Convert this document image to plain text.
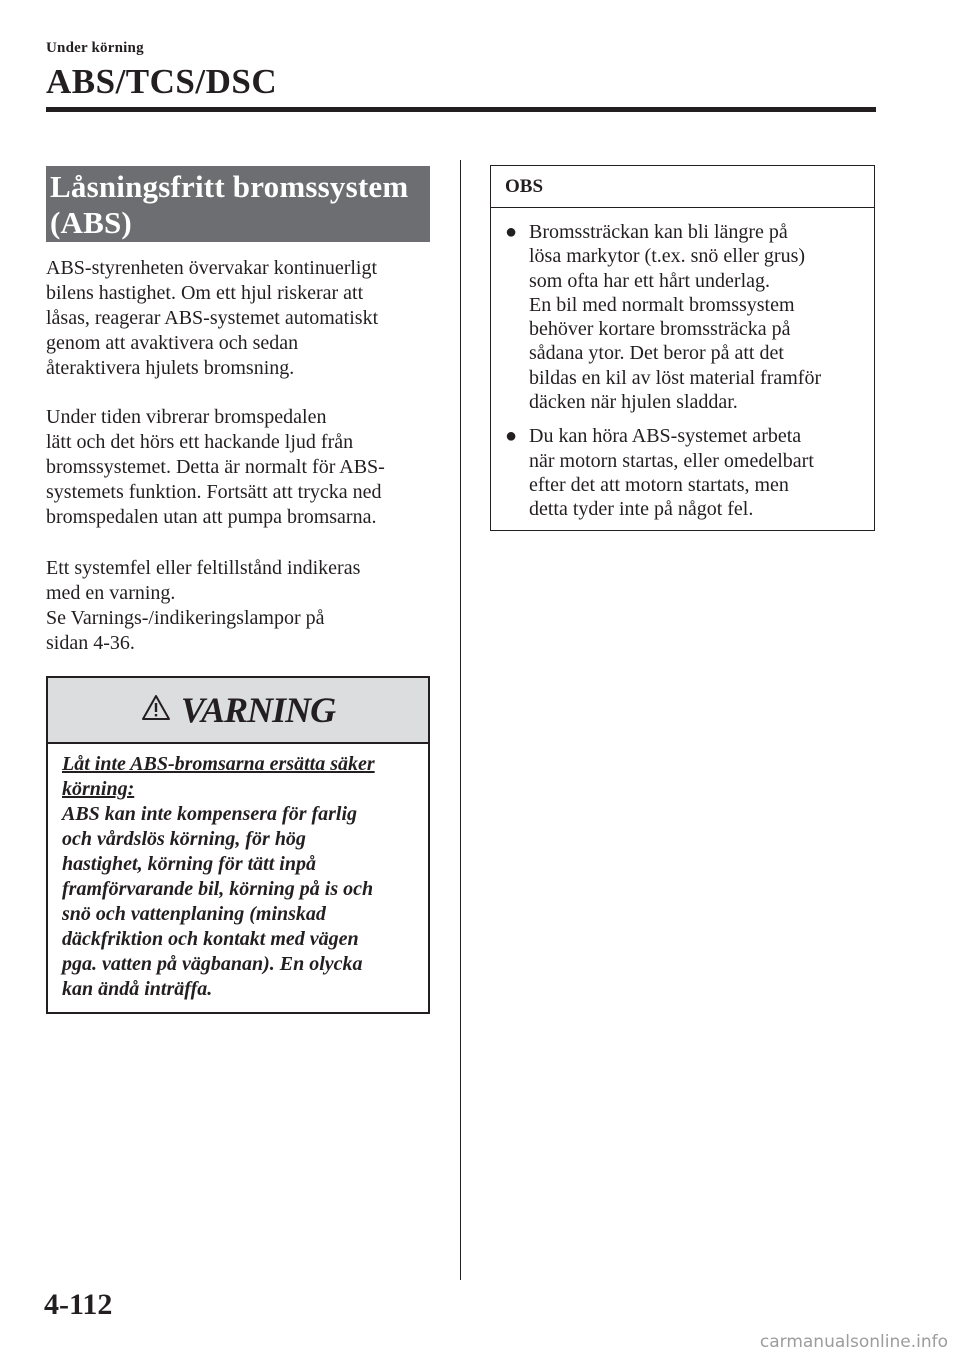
Under körning
ABS/TCS/DSC
Låsningsfritt bromssystem
(ABS)
ABS-styrenheten övervakar kontinuerligt
bilens hastighet. Om ett hjul riskerar att
låsas, reagerar ABS-systemet automatiskt
genom att avaktivera och sedan
återaktivera hjulets bromsning.
Under tiden vibrerar bromspedalen
lätt och det hörs ett hackande ljud från
bromssystemet. Detta är normalt för ABS-
systemets funktion. Fortsätt att trycka ned
bromspedalen utan att pumpa bromsarna.
Ett systemfel eller feltillstånd indikeras
med en varning.
Se Varnings-/indikeringslampor på
sidan 4-36.
VARNING
Låt inte ABS-bromsarna ersätta säker
körning:
ABS kan inte kompensera för farlig
och vårdslös körning, för hög
hastighet, körning för tätt inpå
framförvarande bil, körning på is och
snö och vattenplaning (minskad
däckfriktion och kontakt med vägen
pga. vatten på vägbanan). En olycka
kan ändå inträffa.
OBS
● Bromssträckan kan bli längre på
lösa markytor (t.ex. snö eller grus)
som ofta har ett hårt underlag.
En bil med normalt bromssystem
behöver kortare bromssträcka på
sådana ytor. Det beror på att det
bildas en kil av löst material framför
däcken när hjulen sladdar.
● Du kan höra ABS-systemet arbeta
när motorn startas, eller omedelbart
efter det att motorn startats, men
detta tyder inte på något fel.
4-112
carmanualsonline.info
